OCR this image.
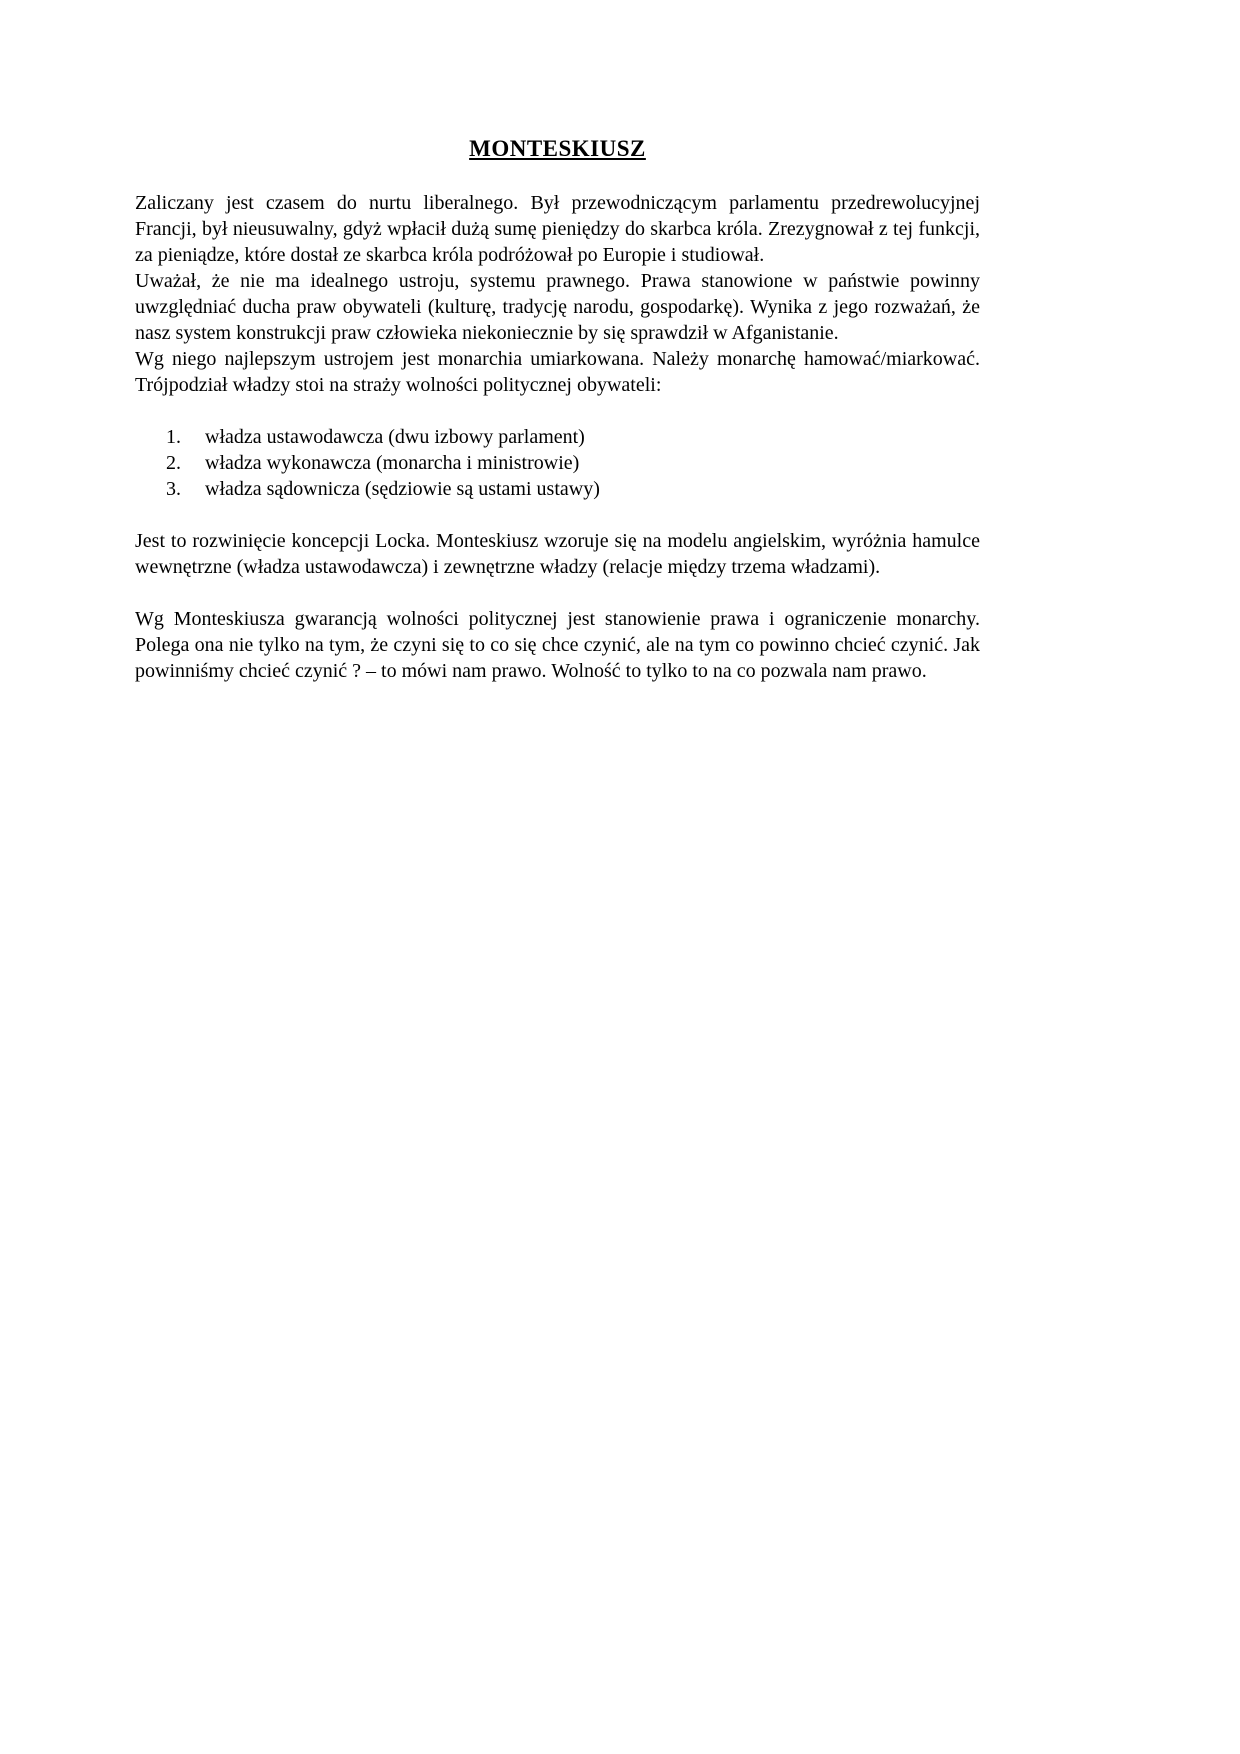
MONTESKIUSZ

Zaliczany jest czasem do nurtu liberalnego. Był przewodniczącym parlamentu przedrewolucyjnej Francji, był nieusuwalny, gdyż wpłacił dużą sumę pieniędzy do skarbca króla. Zrezygnował z tej funkcji, za pieniądze, które dostał ze skarbca króla podróżował po Europie i studiował.

Uważał, że nie ma idealnego ustroju, systemu prawnego. Prawa stanowione w państwie powinny uwzględniać ducha praw obywateli (kulturę, tradycję narodu, gospodarkę). Wynika z jego rozważań, że nasz system konstrukcji praw człowieka niekoniecznie by się sprawdził w Afganistanie.

Wg niego najlepszym ustrojem jest monarchia umiarkowana. Należy monarchę hamować/miarkować. Trójpodział władzy stoi na straży wolności politycznej obywateli:

1.	władza ustawodawcza (dwu izbowy parlament)
2.	władza wykonawcza (monarcha i ministrowie)
3.	władza sądownicza (sędziowie są ustami ustawy)

Jest to rozwinięcie koncepcji Locka. Monteskiusz wzoruje się na modelu angielskim, wyróżnia hamulce wewnętrzne (władza ustawodawcza) i zewnętrzne władzy (relacje między trzema władzami).

Wg Monteskiusza gwarancją wolności politycznej jest stanowienie prawa i ograniczenie monarchy. Polega ona nie tylko na tym, że czyni się to co się chce czynić, ale na tym co powinno chcieć czynić. Jak powinniśmy chcieć czynić ? – to mówi nam prawo. Wolność to tylko to na co pozwala nam prawo.
